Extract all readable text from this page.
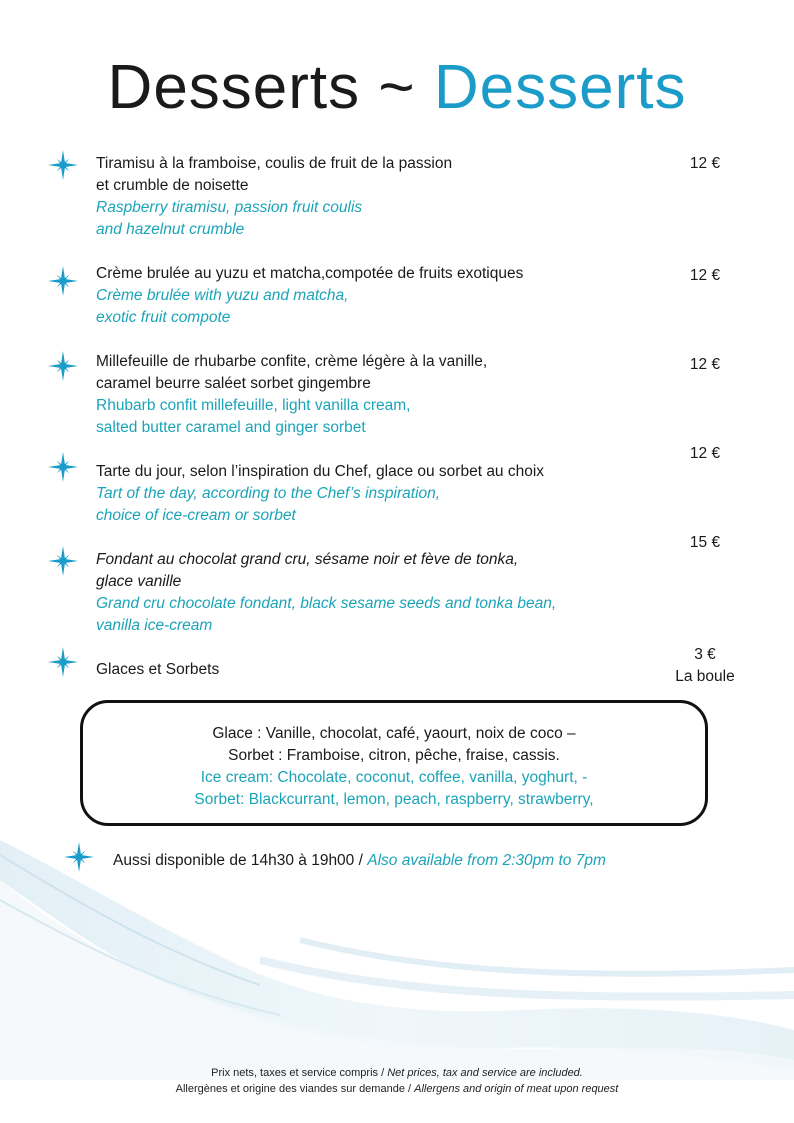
Desserts ~ Desserts
Tiramisu à la framboise, coulis de fruit de la passion
et crumble de noisette
Raspberry tiramisu, passion fruit coulis
and hazelnut crumble
12 €
Crème brulée au yuzu et matcha,compotée de fruits exotiques
Crème brulée with yuzu and matcha,
exotic fruit compote
12 €
Millefeuille de rhubarbe confite, crème légère à la vanille,
caramel beurre saléet sorbet gingembre
Rhubarb confit millefeuille, light vanilla cream,
salted butter caramel and ginger sorbet
12 €
Tarte du jour, selon l’inspiration du Chef, glace ou sorbet au choix
Tart of the day, according to the Chef’s inspiration,
choice of ice-cream or sorbet
12 €
Fondant au chocolat grand cru, sésame noir et fève de tonka,
glace vanille
Grand cru chocolate fondant, black sesame seeds and tonka bean,
vanilla ice-cream
15 €
Glaces et Sorbets
3 €
La boule
Glace : Vanille, chocolat, café, yaourt, noix de coco –
Sorbet : Framboise, citron, pêche, fraise, cassis.
Ice cream: Chocolate, coconut, coffee, vanilla, yoghurt, -
Sorbet: Blackcurrant, lemon, peach, raspberry, strawberry,
Aussi disponible de 14h30 à 19h00 / Also available from 2:30pm to 7pm
Prix nets, taxes et service compris / Net prices, tax and service are included.
Allergènes et origine des viandes sur demande / Allergens and origin of meat upon request
